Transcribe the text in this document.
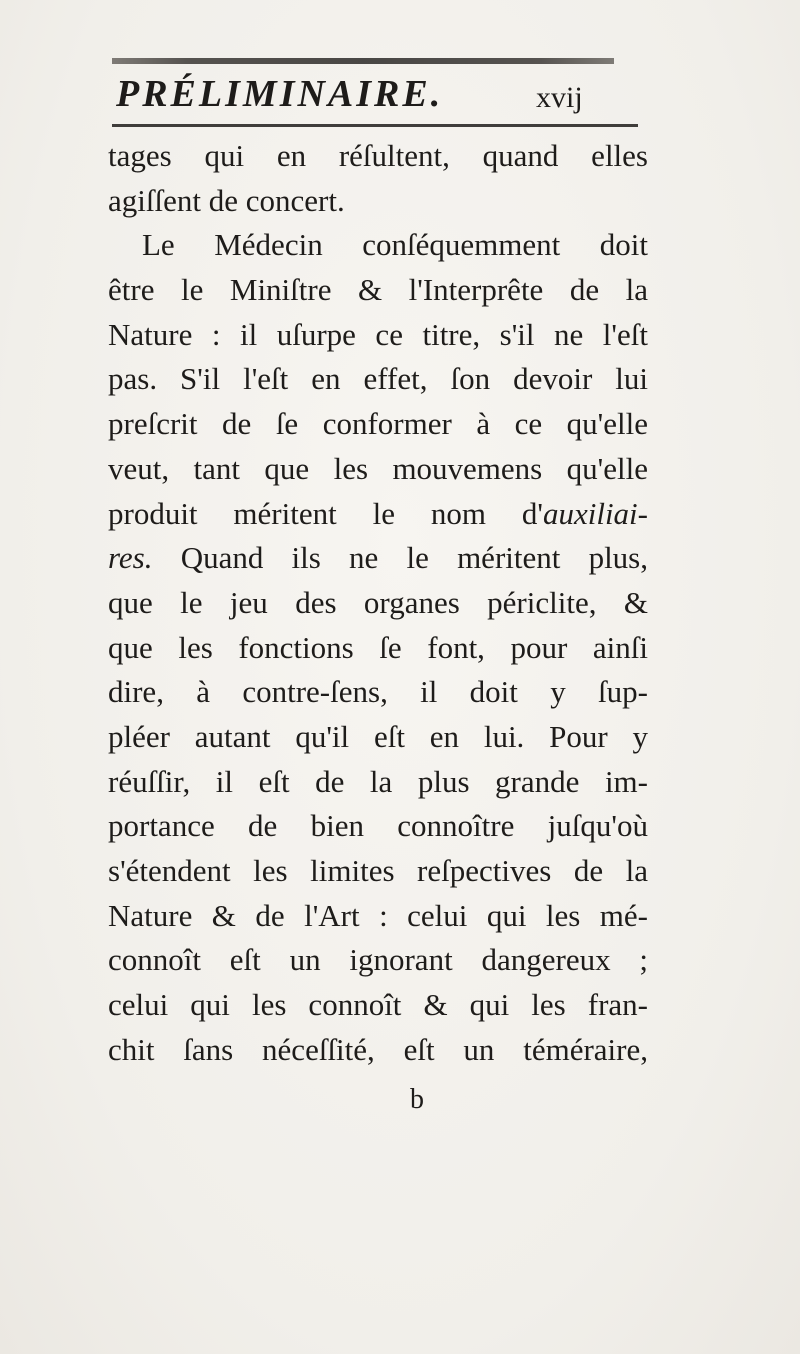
PRÉLIMINAIRE.	xvij
tages qui en réſultent, quand elles
agiſſent de concert.
Le Médecin conſéquemment doit
être le Miniſtre & l'Interprête de la
Nature : il uſurpe ce titre, s'il ne l'eſt
pas. S'il l'eſt en effet, ſon devoir lui
preſcrit de ſe conformer à ce qu'elle
veut, tant que les mouvemens qu'elle
produit méritent le nom d'auxiliai-
res. Quand ils ne le méritent plus,
que le jeu des organes périclite, &
que les fonctions ſe font, pour ainſi
dire, à contre-ſens, il doit y ſup-
pléer autant qu'il eſt en lui. Pour y
réuſſir, il eſt de la plus grande im-
portance de bien connoître juſqu'où
s'étendent les limites reſpectives de la
Nature & de l'Art : celui qui les mé-
connoît eſt un ignorant dangereux ;
celui qui les connoît & qui les fran-
chit ſans néceſſité, eſt un téméraire,
b
